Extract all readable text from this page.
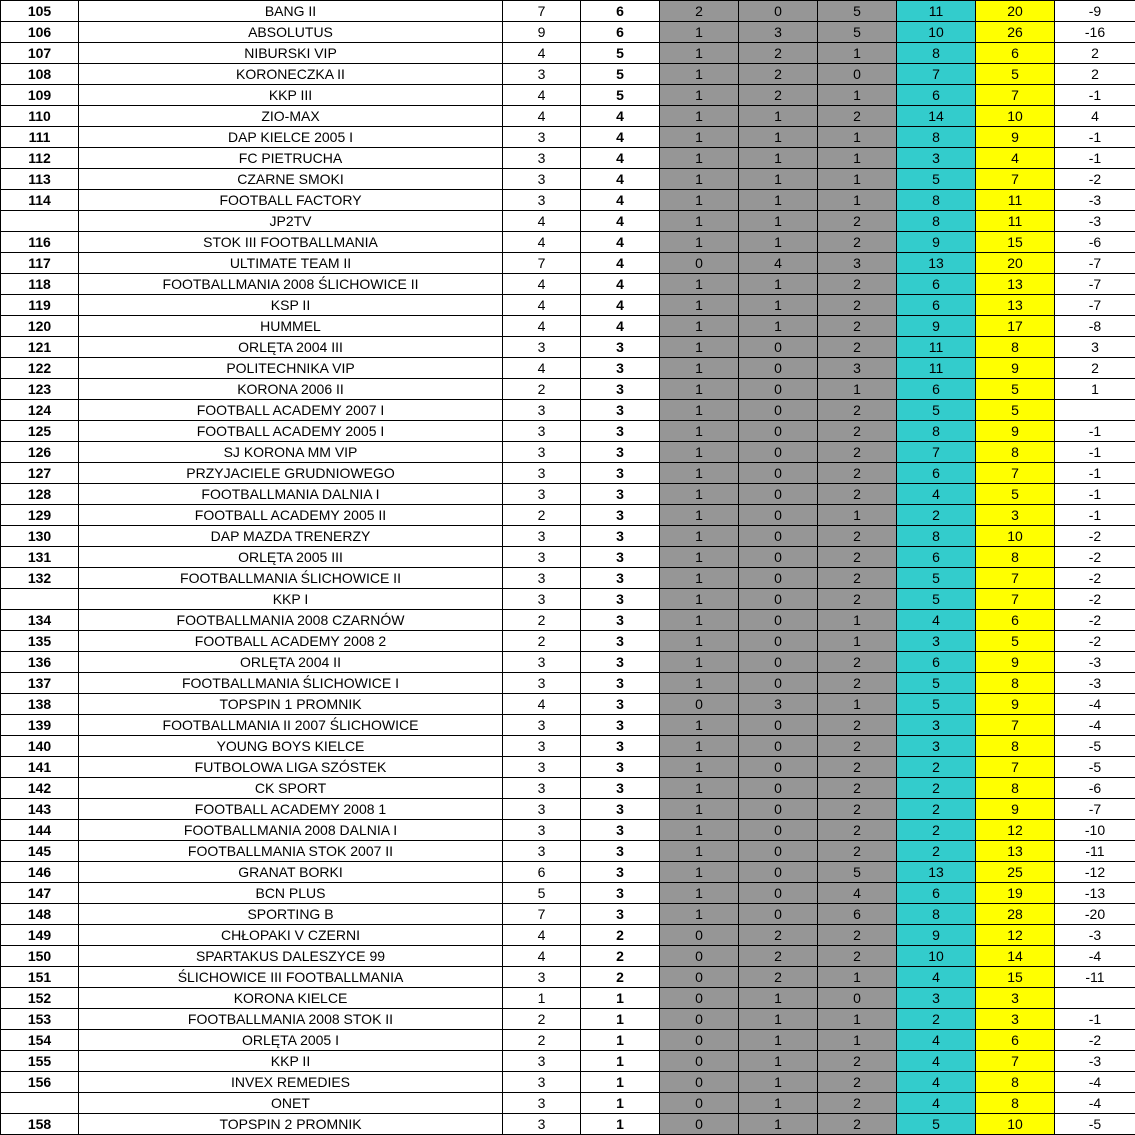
105	BANG II	7	6	2	0	5	11	20	-9
106	ABSOLUTUS	9	6	1	3	5	10	26	-16
107	NIBURSKI VIP	4	5	1	2	1	8	6	2
108	KORONECZKA II	3	5	1	2	0	7	5	2
109	KKP III	4	5	1	2	1	6	7	-1
110	ZIO-MAX	4	4	1	1	2	14	10	4
111	DAP KIELCE 2005 I	3	4	1	1	1	8	9	-1
112	FC PIETRUCHA	3	4	1	1	1	3	4	-1
113	CZARNE SMOKI	3	4	1	1	1	5	7	-2
114	FOOTBALL FACTORY	3	4	1	1	1	8	11	-3
	JP2TV	4	4	1	1	2	8	11	-3
116	STOK III FOOTBALLMANIA	4	4	1	1	2	9	15	-6
117	ULTIMATE TEAM II	7	4	0	4	3	13	20	-7
118	FOOTBALLMANIA 2008 ŚLICHOWICE II	4	4	1	1	2	6	13	-7
119	KSP II	4	4	1	1	2	6	13	-7
120	HUMMEL	4	4	1	1	2	9	17	-8
121	ORLĘTA 2004 III	3	3	1	0	2	11	8	3
122	POLITECHNIKA VIP	4	3	1	0	3	11	9	2
123	KORONA 2006 II	2	3	1	0	1	6	5	1
124	FOOTBALL ACADEMY 2007 I	3	3	1	0	2	5	5	
125	FOOTBALL ACADEMY 2005 I	3	3	1	0	2	8	9	-1
126	SJ KORONA MM VIP	3	3	1	0	2	7	8	-1
127	PRZYJACIELE GRUDNIOWEGO	3	3	1	0	2	6	7	-1
128	FOOTBALLMANIA DALNIA I	3	3	1	0	2	4	5	-1
129	FOOTBALL ACADEMY 2005 II	2	3	1	0	1	2	3	-1
130	DAP MAZDA TRENERZY	3	3	1	0	2	8	10	-2
131	ORLĘTA 2005 III	3	3	1	0	2	6	8	-2
132	FOOTBALLMANIA ŚLICHOWICE II	3	3	1	0	2	5	7	-2
	KKP I	3	3	1	0	2	5	7	-2
134	FOOTBALLMANIA 2008 CZARNÓW	2	3	1	0	1	4	6	-2
135	FOOTBALL ACADEMY 2008 2	2	3	1	0	1	3	5	-2
136	ORLĘTA 2004 II	3	3	1	0	2	6	9	-3
137	FOOTBALLMANIA ŚLICHOWICE I	3	3	1	0	2	5	8	-3
138	TOPSPIN 1 PROMNIK	4	3	0	3	1	5	9	-4
139	FOOTBALLMANIA II 2007 ŚLICHOWICE	3	3	1	0	2	3	7	-4
140	YOUNG BOYS KIELCE	3	3	1	0	2	3	8	-5
141	FUTBOLOWA LIGA SZÓSTEK	3	3	1	0	2	2	7	-5
142	CK SPORT	3	3	1	0	2	2	8	-6
143	FOOTBALL ACADEMY 2008 1	3	3	1	0	2	2	9	-7
144	FOOTBALLMANIA 2008 DALNIA I	3	3	1	0	2	2	12	-10
145	FOOTBALLMANIA STOK 2007 II	3	3	1	0	2	2	13	-11
146	GRANAT BORKI	6	3	1	0	5	13	25	-12
147	BCN PLUS	5	3	1	0	4	6	19	-13
148	SPORTING B	7	3	1	0	6	8	28	-20
149	CHŁOPAKI V CZERNI	4	2	0	2	2	9	12	-3
150	SPARTAKUS DALESZYCE 99	4	2	0	2	2	10	14	-4
151	ŚLICHOWICE III FOOTBALLMANIA	3	2	0	2	1	4	15	-11
152	KORONA KIELCE	1	1	0	1	0	3	3	
153	FOOTBALLMANIA 2008 STOK II	2	1	0	1	1	2	3	-1
154	ORLĘTA 2005 I	2	1	0	1	1	4	6	-2
155	KKP II	3	1	0	1	2	4	7	-3
156	INVEX REMEDIES	3	1	0	1	2	4	8	-4
	ONET	3	1	0	1	2	4	8	-4
158	TOPSPIN 2 PROMNIK	3	1	0	1	2	5	10	-5
